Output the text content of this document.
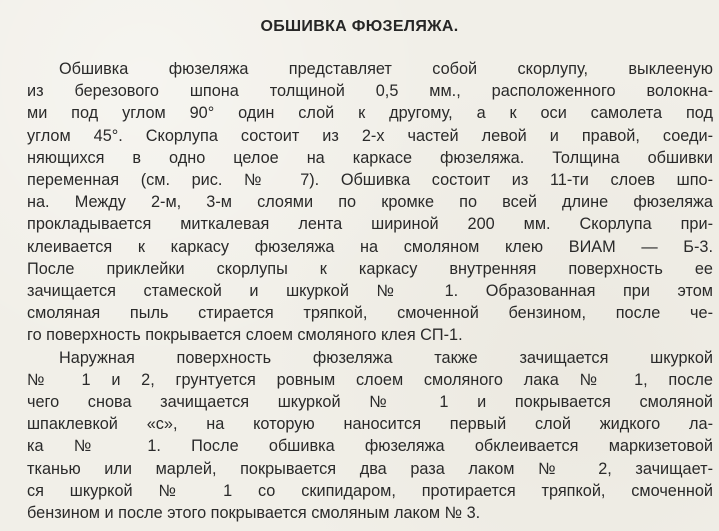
ОБШИВКА ФЮЗЕЛЯЖА.

Обшивка фюзеляжа представляет собой скорлупу, выклееную
из березового шпона толщиной 0,5 мм., расположенного волокна-
ми под углом 90° один слой к другому, а к оси самолета под
углом 45°. Скорлупа состоит из 2-х частей левой и правой, соеди-
няющихся в одно целое на каркасе фюзеляжа. Толщина обшивки
переменная (см. рис. № 7). Обшивка состоит из 11-ти слоев шпо-
на. Между 2-м, 3-м слоями по кромке по всей длине фюзеляжа
прокладывается миткалевая лента шириной 200 мм. Скорлупа при-
клеивается к каркасу фюзеляжа на смоляном клею ВИАМ — Б-3.
После приклейки скорлупы к каркасу внутренняя поверхность ее
зачищается стамеской и шкуркой № 1. Образованная при этом
смоляная пыль стирается тряпкой, смоченной бензином, после че-
го поверхность покрывается слоем смоляного клея СП-1.

Наружная поверхность фюзеляжа также зачищается шкуркой
№ 1 и 2, грунтуется ровным слоем смоляного лака № 1, после
чего снова зачищается шкуркой № 1 и покрывается смоляной
шпаклевкой «с», на которую наносится первый слой жидкого ла-
ка № 1. После обшивка фюзеляжа обклеивается маркизетовой
тканью или марлей, покрывается два раза лаком № 2, зачищает-
ся шкуркой № 1 со скипидаром, протирается тряпкой, смоченной
бензином и после этого покрывается смоляным лаком № 3.
